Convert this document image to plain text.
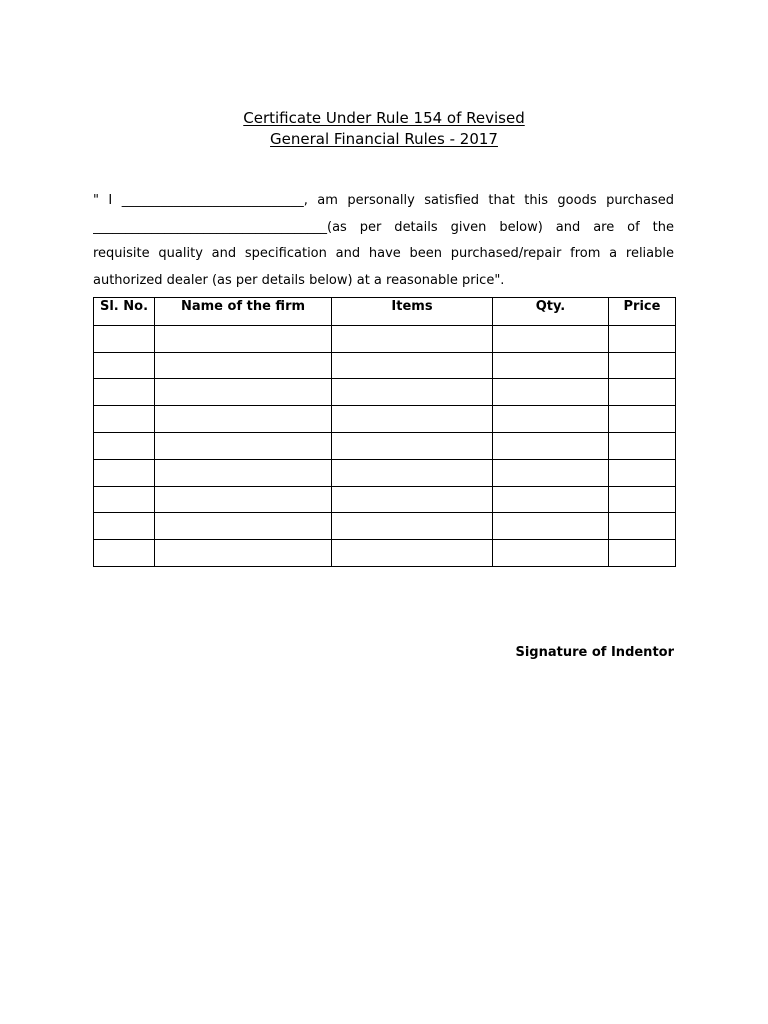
Certificate Under Rule 154 of Revised
General Financial Rules - 2017
" I ____________________________, am personally satisfied that this goods purchased
____________________________________(as per details given below) and are of the
requisite quality and specification and have been purchased/repair from a reliable
authorized dealer (as per details below) at a reasonable price".
Sl. No.	Name of the firm	Items	Qty.	Price

Signature of Indentor
